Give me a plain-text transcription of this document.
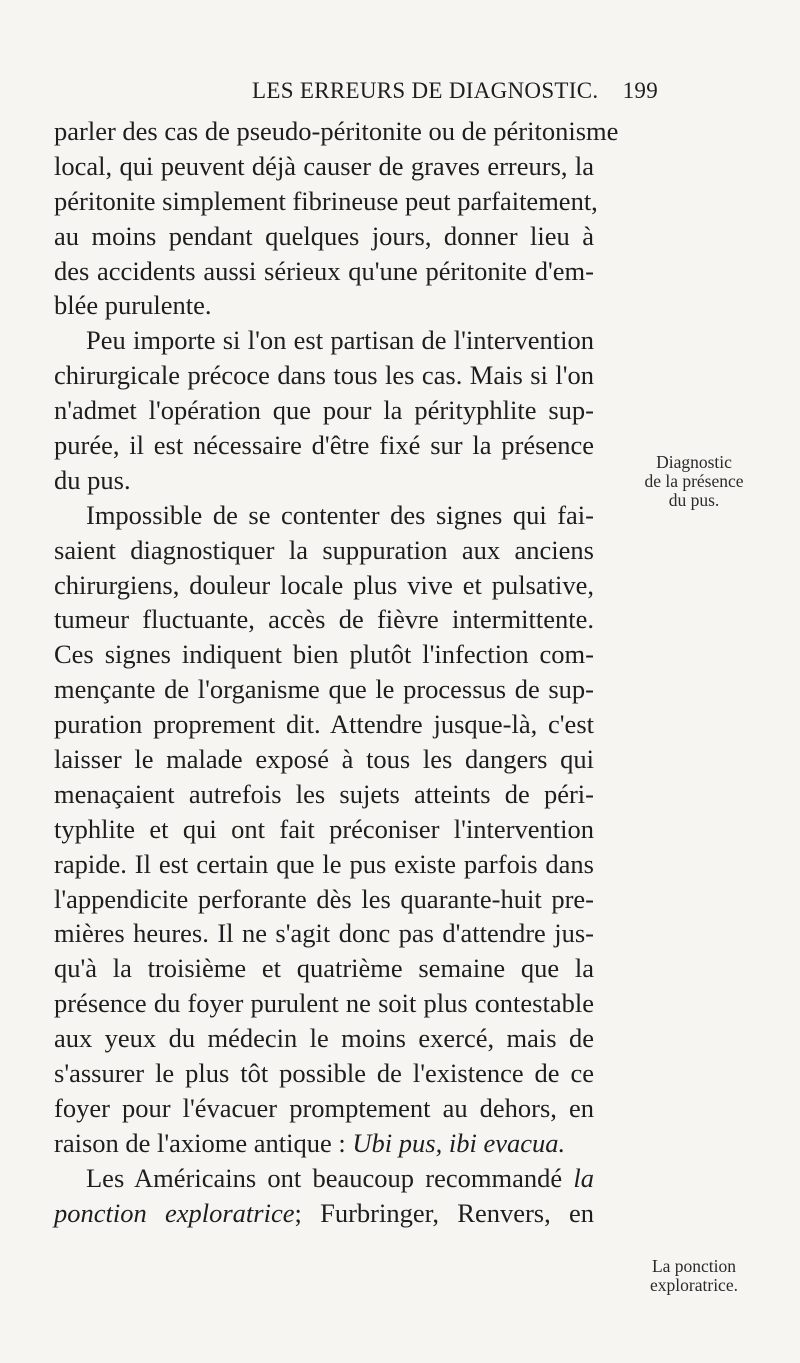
LES ERREURS DE DIAGNOSTIC. 199
parler des cas de pseudo-péritonite ou de péritonisme
local, qui peuvent déjà causer de graves erreurs, la
péritonite simplement fibrineuse peut parfaitement,
au moins pendant quelques jours, donner lieu à
des accidents aussi sérieux qu'une péritonite d'em-
blée purulente.
Peu importe si l'on est partisan de l'intervention
chirurgicale précoce dans tous les cas. Mais si l'on
n'admet l'opération que pour la pérityphlite sup-
purée, il est nécessaire d'être fixé sur la présence
du pus.
Impossible de se contenter des signes qui fai-
saient diagnostiquer la suppuration aux anciens
chirurgiens, douleur locale plus vive et pulsative,
tumeur fluctuante, accès de fièvre intermittente.
Ces signes indiquent bien plutôt l'infection com-
mençante de l'organisme que le processus de sup-
puration proprement dit. Attendre jusque-là, c'est
laisser le malade exposé à tous les dangers qui
menaçaient autrefois les sujets atteints de péri-
typhlite et qui ont fait préconiser l'intervention
rapide. Il est certain que le pus existe parfois dans
l'appendicite perforante dès les quarante-huit pre-
mières heures. Il ne s'agit donc pas d'attendre jus-
qu'à la troisième et quatrième semaine que la
présence du foyer purulent ne soit plus contestable
aux yeux du médecin le moins exercé, mais de
s'assurer le plus tôt possible de l'existence de ce
foyer pour l'évacuer promptement au dehors, en
raison de l'axiome antique : Ubi pus, ibi evacua.
Les Américains ont beaucoup recommandé la
ponction exploratrice; Furbringer, Renvers, en
Diagnostic
de la présence
du pus.
La ponction
exploratrice.
